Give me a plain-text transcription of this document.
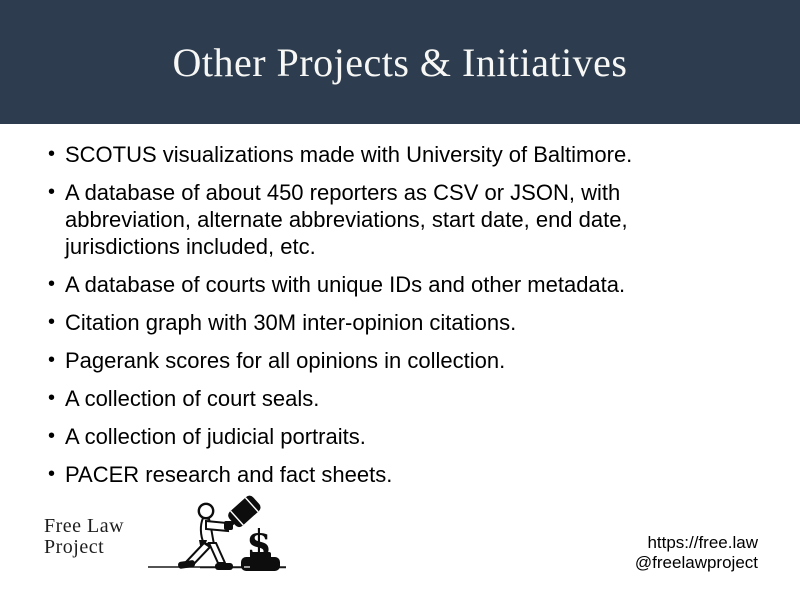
Other Projects & Initiatives
• SCOTUS visualizations made with University of Baltimore.
• A database of about 450 reporters as CSV or JSON, with abbreviation, alternate abbreviations, start date, end date, jurisdictions included, etc.
• A database of courts with unique IDs and other metadata.
• Citation graph with 30M inter-opinion citations.
• Pagerank scores for all opinions in collection.
• A collection of court seals.
• A collection of judicial portraits.
• PACER research and fact sheets.
Free Law
Project	$	https://free.law
@freelawproject
